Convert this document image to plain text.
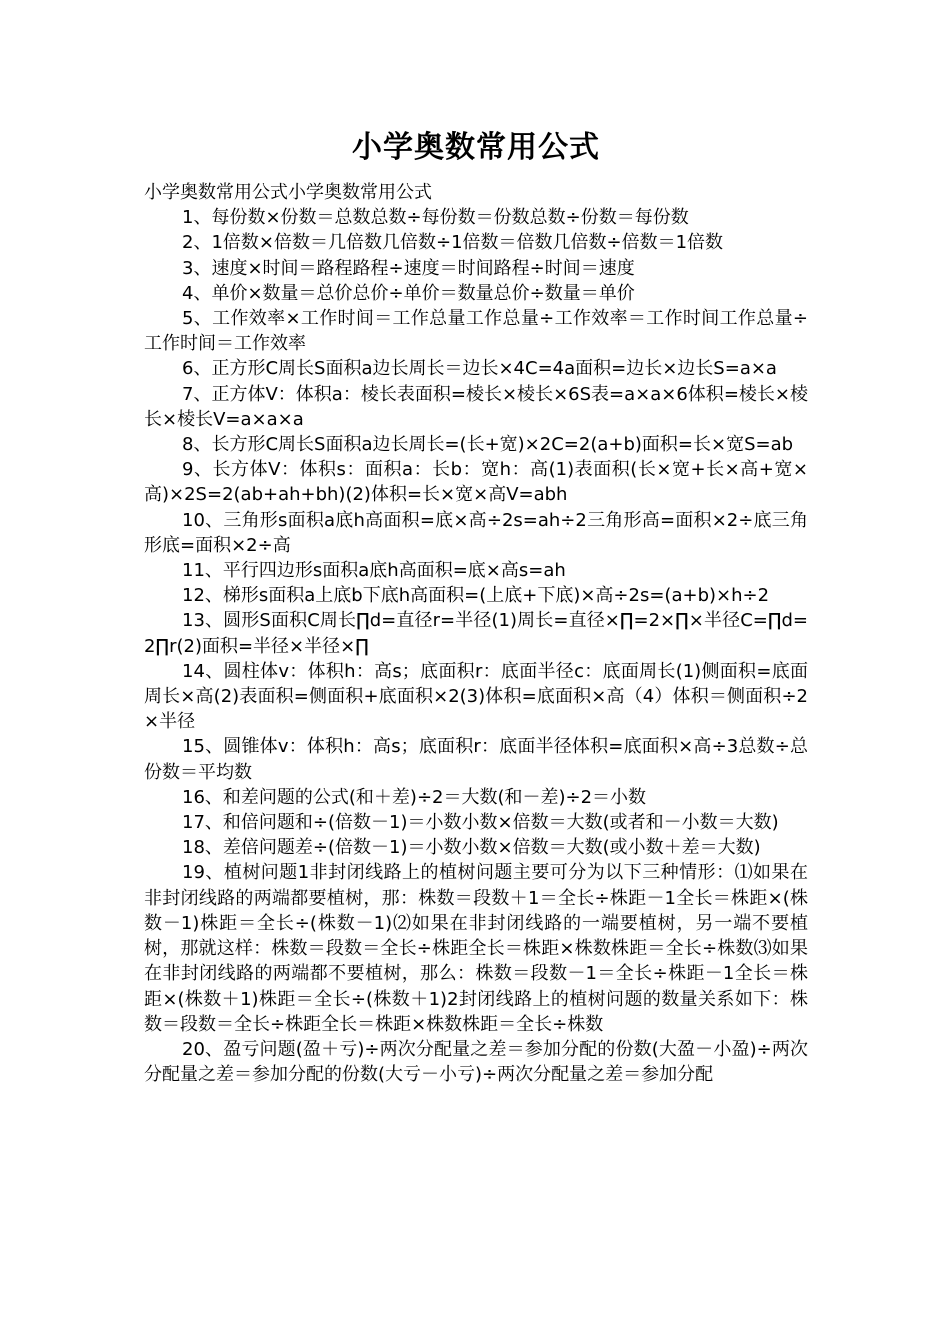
小学奥数常用公式

小学奥数常用公式小学奥数常用公式

1、每份数×份数＝总数总数÷每份数＝份数总数÷份数＝每份数

2、1倍数×倍数＝几倍数几倍数÷1倍数＝倍数几倍数÷倍数＝1倍数

3、速度×时间＝路程路程÷速度＝时间路程÷时间＝速度

4、单价×数量＝总价总价÷单价＝数量总价÷数量＝单价

5、工作效率×工作时间＝工作总量工作总量÷工作效率＝工作时间工作总量÷工作时间＝工作效率

6、正方形C周长S面积a边长周长＝边长×4C=4a面积=边长×边长S=a×a

7、正方体V：体积a：棱长表面积=棱长×棱长×6S表=a×a×6体积=棱长×棱长×棱长V=a×a×a

8、长方形C周长S面积a边长周长=(长+宽)×2C=2(a+b)面积=长×宽S=ab

9、长方体V：体积s：面积a：长b：宽h：高(1)表面积(长×宽+长×高+宽×高)×2S=2(ab+ah+bh)(2)体积=长×宽×高V=abh

10、三角形s面积a底h高面积=底×高÷2s=ah÷2三角形高=面积×2÷底三角形底=面积×2÷高

11、平行四边形s面积a底h高面积=底×高s=ah

12、梯形s面积a上底b下底h高面积=(上底+下底)×高÷2s=(a+b)×h÷2

13、圆形S面积C周长∏d=直径r=半径(1)周长=直径×∏=2×∏×半径C=∏d=2∏r(2)面积=半径×半径×∏

14、圆柱体v：体积h：高s；底面积r：底面半径c：底面周长(1)侧面积=底面周长×高(2)表面积=侧面积+底面积×2(3)体积=底面积×高（4）体积＝侧面积÷2×半径

15、圆锥体v：体积h：高s；底面积r：底面半径体积=底面积×高÷3总数÷总份数＝平均数

16、和差问题的公式(和＋差)÷2＝大数(和－差)÷2＝小数

17、和倍问题和÷(倍数－1)＝小数小数×倍数＝大数(或者和－小数＝大数)

18、差倍问题差÷(倍数－1)＝小数小数×倍数＝大数(或小数＋差＝大数)

19、植树问题1非封闭线路上的植树问题主要可分为以下三种情形：⑴如果在非封闭线路的两端都要植树，那：株数＝段数＋1＝全长÷株距－1全长＝株距×(株数－1)株距＝全长÷(株数－1)⑵如果在非封闭线路的一端要植树，另一端不要植树，那就这样：株数＝段数＝全长÷株距全长＝株距×株数株距＝全长÷株数⑶如果在非封闭线路的两端都不要植树，那么：株数＝段数－1＝全长÷株距－1全长＝株距×(株数＋1)株距＝全长÷(株数＋1)2封闭线路上的植树问题的数量关系如下：株数＝段数＝全长÷株距全长＝株距×株数株距＝全长÷株数

20、盈亏问题(盈＋亏)÷两次分配量之差＝参加分配的份数(大盈－小盈)÷两次分配量之差＝参加分配的份数(大亏－小亏)÷两次分配量之差＝参加分配
